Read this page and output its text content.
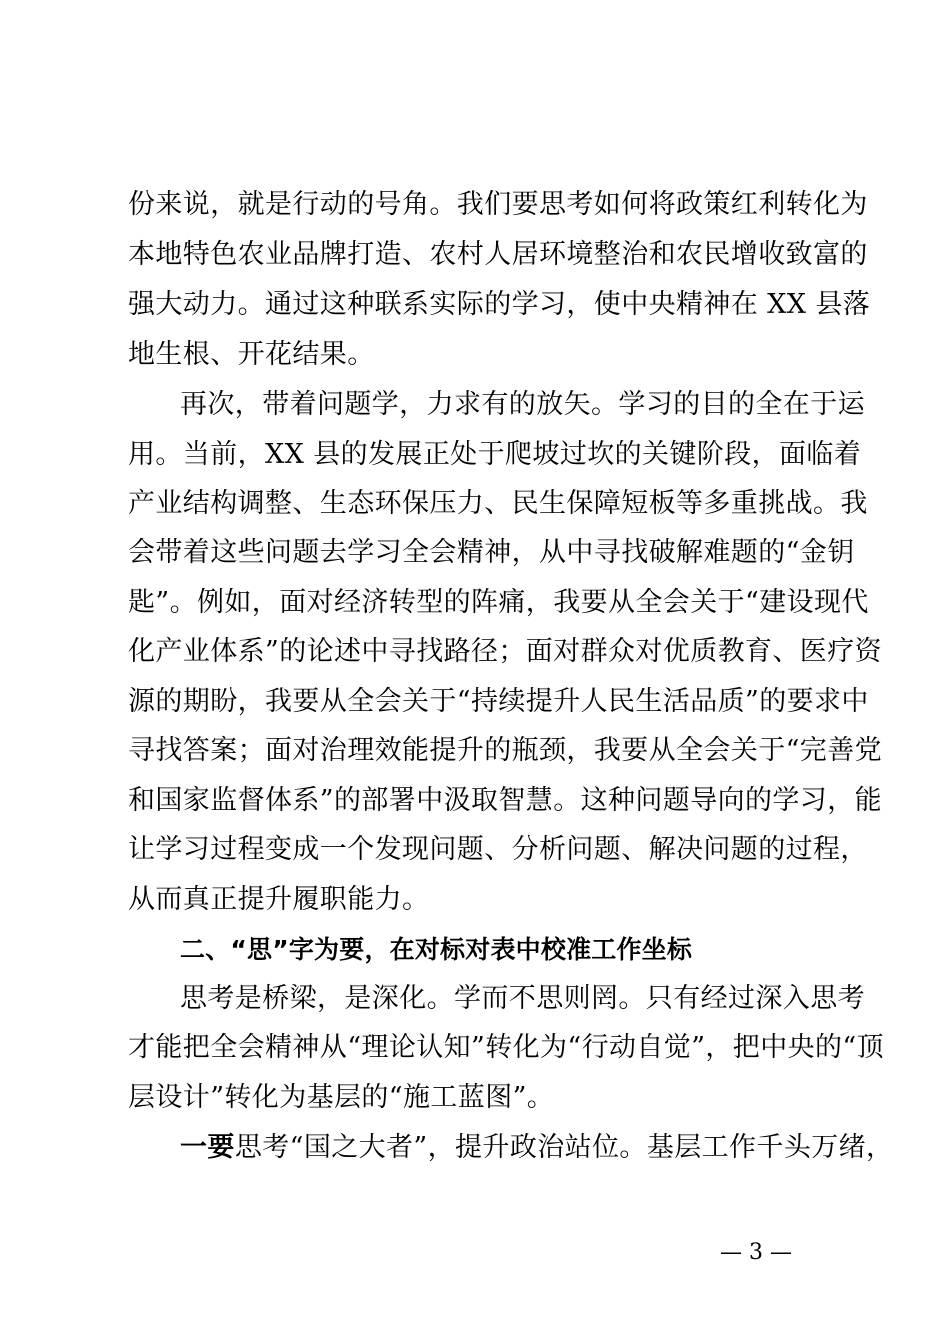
份来说，就是行动的号角。我们要思考如何将政策红利转化为
本地特色农业品牌打造、农村人居环境整治和农民增收致富的
强大动力。通过这种联系实际的学习，使中央精神在 XX 县落
地生根、开花结果。
再次，带着问题学，力求有的放矢。学习的目的全在于运
用。当前，XX 县的发展正处于爬坡过坎的关键阶段，面临着
产业结构调整、生态环保压力、民生保障短板等多重挑战。我
会带着这些问题去学习全会精神，从中寻找破解难题的“金钥
匙”。例如，面对经济转型的阵痛，我要从全会关于“建设现代
化产业体系”的论述中寻找路径；面对群众对优质教育、医疗资
源的期盼，我要从全会关于“持续提升人民生活品质”的要求中
寻找答案；面对治理效能提升的瓶颈，我要从全会关于“完善党
和国家监督体系”的部署中汲取智慧。这种问题导向的学习，能
让学习过程变成一个发现问题、分析问题、解决问题的过程，
从而真正提升履职能力。
二、“思”字为要，在对标对表中校准工作坐标
思考是桥梁，是深化。学而不思则罔。只有经过深入思考
才能把全会精神从“理论认知”转化为“行动自觉”，把中央的“顶
层设计”转化为基层的“施工蓝图”。
一要思考“国之大者”，提升政治站位。基层工作千头万绪，
— 3 —
